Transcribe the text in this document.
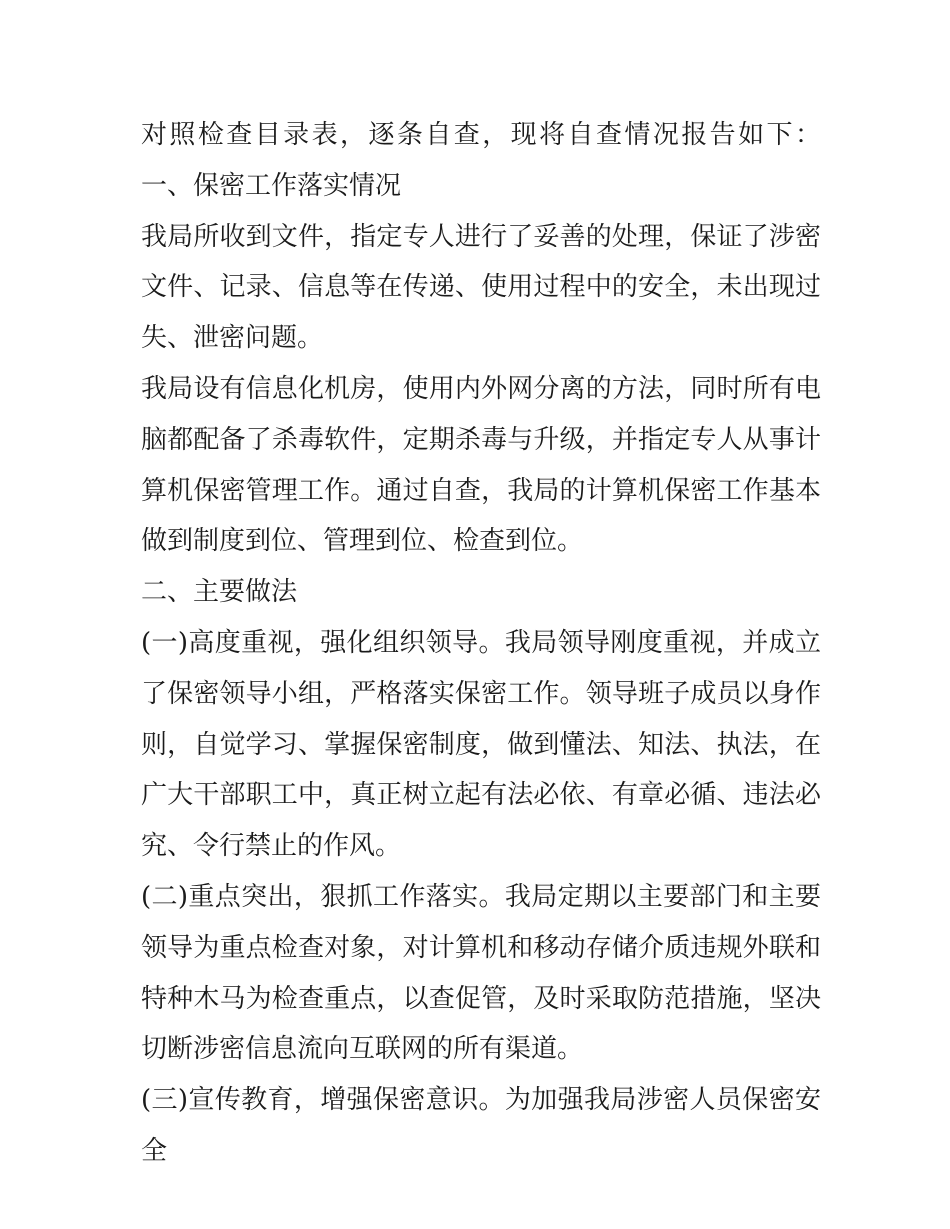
对照检查目录表，逐条自查，现将自查情况报告如下： 一、保密工作落实情况

我局所收到文件，指定专人进行了妥善的处理，保证了涉密文件、记录、信息等在传递、使用过程中的安全，未出现过失、泄密问题。

我局设有信息化机房，使用内外网分离的方法，同时所有电脑都配备了杀毒软件，定期杀毒与升级，并指定专人从事计算机保密管理工作。通过自查，我局的计算机保密工作基本做到制度到位、管理到位、检查到位。

二、主要做法

(一)高度重视，强化组织领导。我局领导刚度重视，并成立了保密领导小组，严格落实保密工作。领导班子成员以身作则，自觉学习、掌握保密制度，做到懂法、知法、执法，在广大干部职工中，真正树立起有法必依、有章必循、违法必究、令行禁止的作风。

(二)重点突出，狠抓工作落实。我局定期以主要部门和主要领导为重点检查对象，对计算机和移动存储介质违规外联和特种木马为检查重点，以查促管，及时采取防范措施，坚决切断涉密信息流向互联网的所有渠道。

(三)宣传教育，增强保密意识。为加强我局涉密人员保密安全
